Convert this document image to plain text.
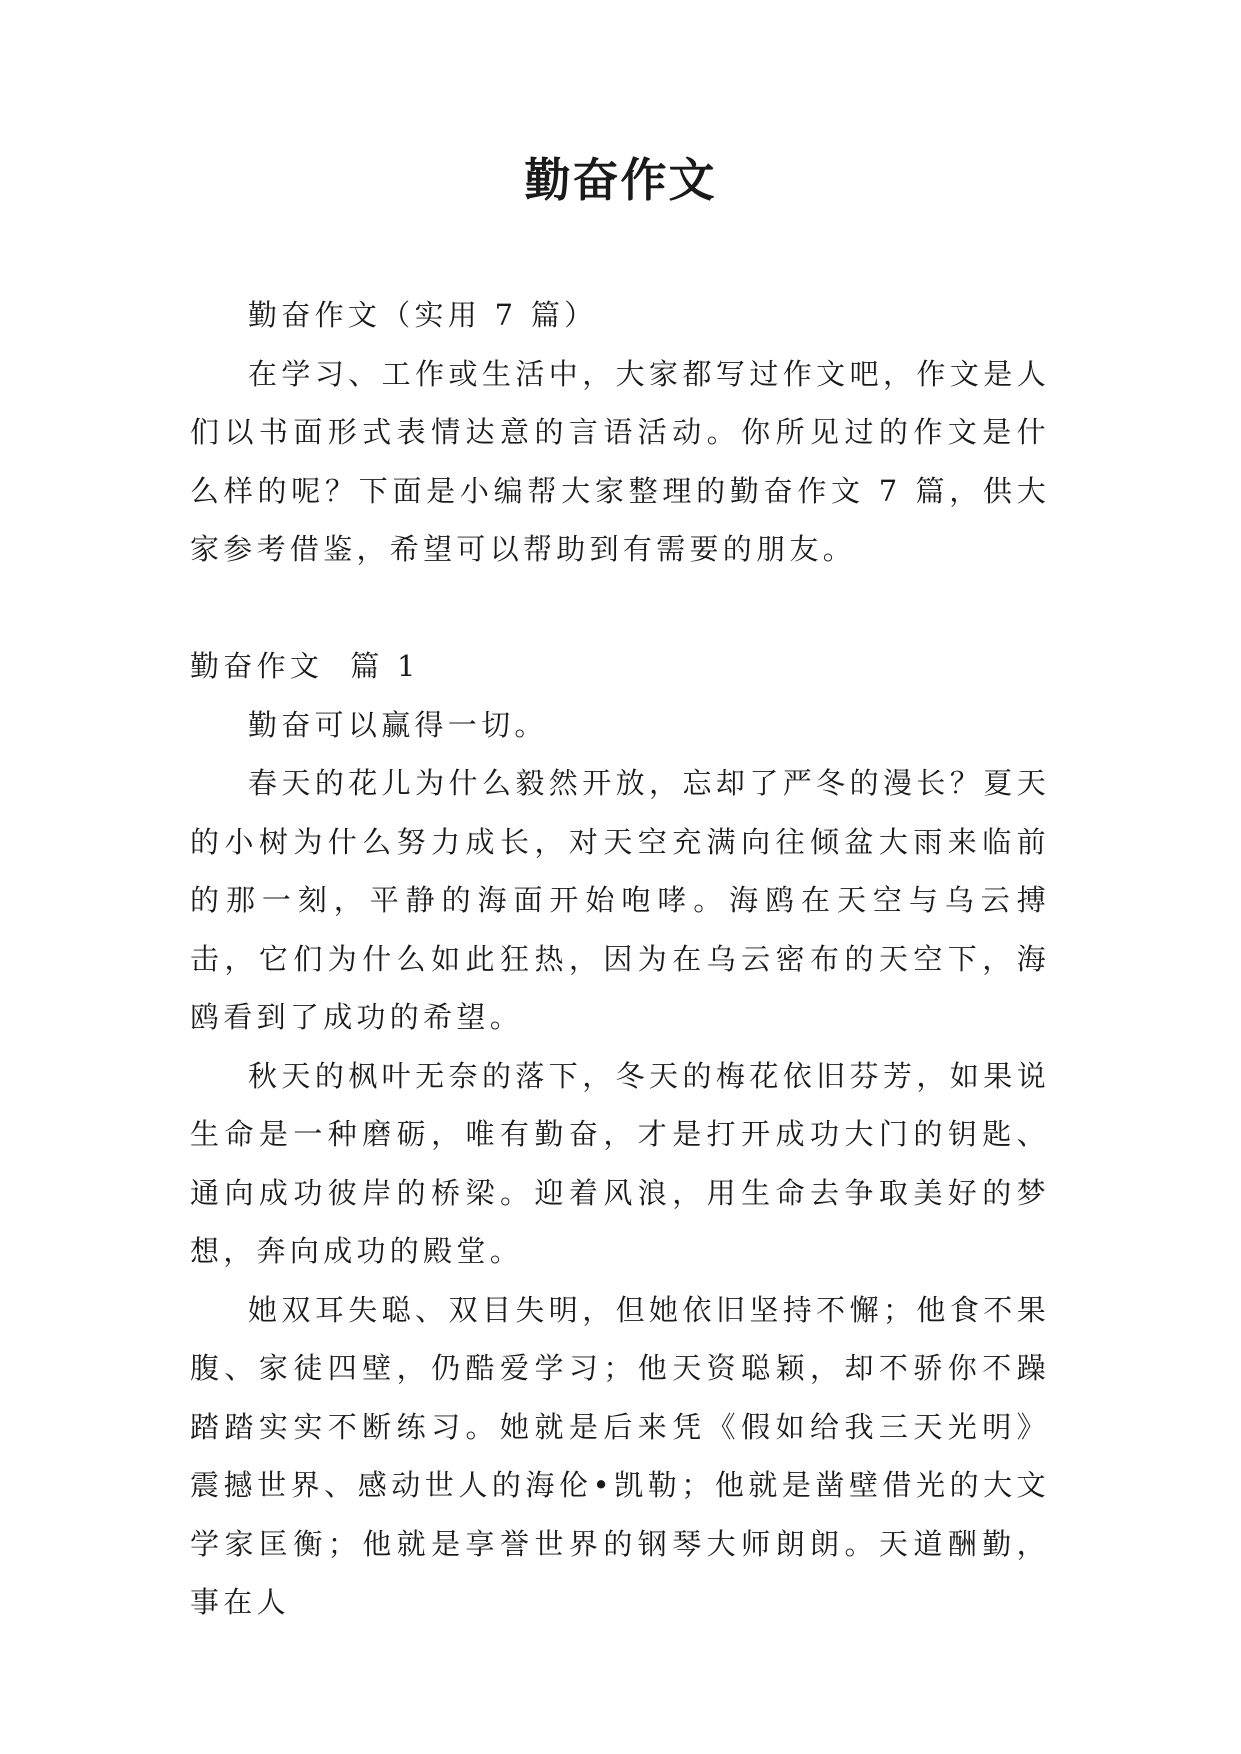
勤奋作文

勤奋作文（实用 7 篇）

在学习、工作或生活中，大家都写过作文吧，作文是人们以书面形式表情达意的言语活动。你所见过的作文是什么样的呢？下面是小编帮大家整理的勤奋作文 7 篇，供大家参考借鉴，希望可以帮助到有需要的朋友。

勤奋作文  篇 1

勤奋可以赢得一切。

春天的花儿为什么毅然开放，忘却了严冬的漫长？夏天的小树为什么努力成长，对天空充满向往倾盆大雨来临前的那一刻，平静的海面开始咆哮。海鸥在天空与乌云搏击，它们为什么如此狂热，因为在乌云密布的天空下，海鸥看到了成功的希望。

秋天的枫叶无奈的落下，冬天的梅花依旧芬芳，如果说生命是一种磨砺，唯有勤奋，才是打开成功大门的钥匙、通向成功彼岸的桥梁。迎着风浪，用生命去争取美好的梦想，奔向成功的殿堂。

她双耳失聪、双目失明，但她依旧坚持不懈；他食不果腹、家徒四壁，仍酷爱学习；他天资聪颖，却不骄你不躁踏踏实实不断练习。她就是后来凭《假如给我三天光明》震撼世界、感动世人的海伦•凯勒；他就是凿壁借光的大文学家匡衡；他就是享誉世界的钢琴大师朗朗。天道酬勤，事在人
